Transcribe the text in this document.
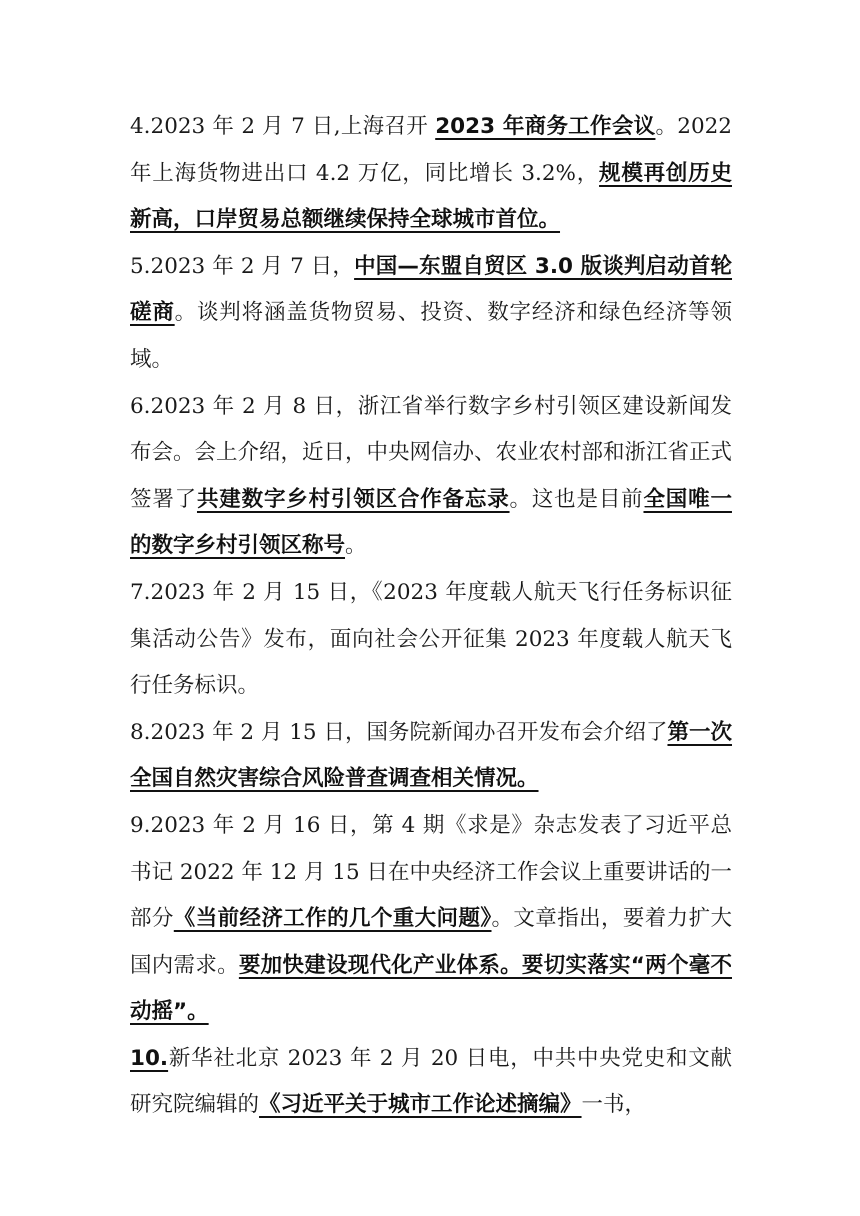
4.2023 年 2 月 7 日,上海召开 2023 年商务工作会议。2022 年上海货物进出口 4.2 万亿，同比增长 3.2%，规模再创历史新高，口岸贸易总额继续保持全球城市首位。

5.2023 年 2 月 7 日，中国—东盟自贸区 3.0 版谈判启动首轮磋商。谈判将涵盖货物贸易、投资、数字经济和绿色经济等领域。

6.2023 年 2 月 8 日，浙江省举行数字乡村引领区建设新闻发布会。会上介绍，近日，中央网信办、农业农村部和浙江省正式签署了共建数字乡村引领区合作备忘录。这也是目前全国唯一的数字乡村引领区称号。

7.2023 年 2 月 15 日，《2023 年度载人航天飞行任务标识征集活动公告》发布，面向社会公开征集 2023 年度载人航天飞行任务标识。

8.2023 年 2 月 15 日，国务院新闻办召开发布会介绍了第一次全国自然灾害综合风险普查调查相关情况。

9.2023 年 2 月 16 日，第 4 期《求是》杂志发表了习近平总书记 2022 年 12 月 15 日在中央经济工作会议上重要讲话的一部分《当前经济工作的几个重大问题》。文章指出，要着力扩大国内需求。要加快建设现代化产业体系。要切实落实“两个毫不动摇”。

10.新华社北京 2023 年 2 月 20 日电，中共中央党史和文献研究院编辑的《习近平关于城市工作论述摘编》一书，
